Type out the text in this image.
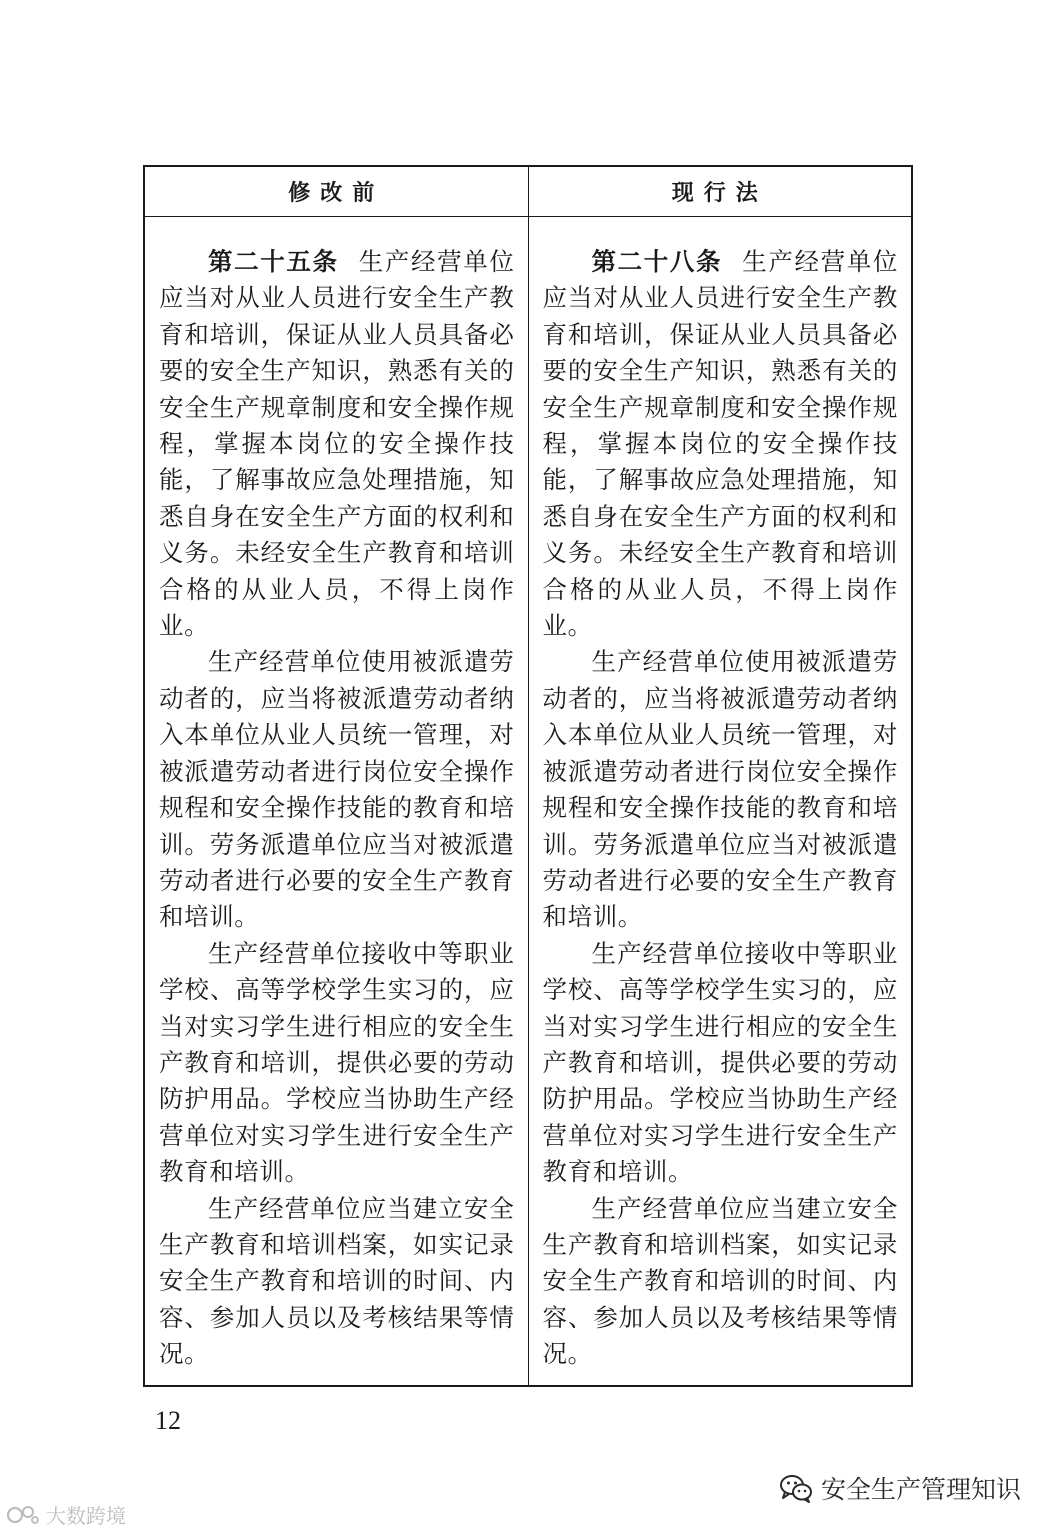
修改前	现行法

第二十五条 生产经营单位应当对从业人员进行安全生产教育和培训，保证从业人员具备必要的安全生产知识，熟悉有关的安全生产规章制度和安全操作规程，掌握本岗位的安全操作技能，了解事故应急处理措施，知悉自身在安全生产方面的权利和义务。未经安全生产教育和培训合格的从业人员，不得上岗作业。

生产经营单位使用被派遣劳动者的，应当将被派遣劳动者纳入本单位从业人员统一管理，对被派遣劳动者进行岗位安全操作规程和安全操作技能的教育和培训。劳务派遣单位应当对被派遣劳动者进行必要的安全生产教育和培训。

生产经营单位接收中等职业学校、高等学校学生实习的，应当对实习学生进行相应的安全生产教育和培训，提供必要的劳动防护用品。学校应当协助生产经营单位对实习学生进行安全生产教育和培训。

生产经营单位应当建立安全生产教育和培训档案，如实记录安全生产教育和培训的时间、内容、参加人员以及考核结果等情况。

第二十八条 生产经营单位应当对从业人员进行安全生产教育和培训，保证从业人员具备必要的安全生产知识，熟悉有关的安全生产规章制度和安全操作规程，掌握本岗位的安全操作技能，了解事故应急处理措施，知悉自身在安全生产方面的权利和义务。未经安全生产教育和培训合格的从业人员，不得上岗作业。

生产经营单位使用被派遣劳动者的，应当将被派遣劳动者纳入本单位从业人员统一管理，对被派遣劳动者进行岗位安全操作规程和安全操作技能的教育和培训。劳务派遣单位应当对被派遣劳动者进行必要的安全生产教育和培训。

生产经营单位接收中等职业学校、高等学校学生实习的，应当对实习学生进行相应的安全生产教育和培训，提供必要的劳动防护用品。学校应当协助生产经营单位对实习学生进行安全生产教育和培训。

生产经营单位应当建立安全生产教育和培训档案，如实记录安全生产教育和培训的时间、内容、参加人员以及考核结果等情况。

12
安全生产管理知识
大数跨境
